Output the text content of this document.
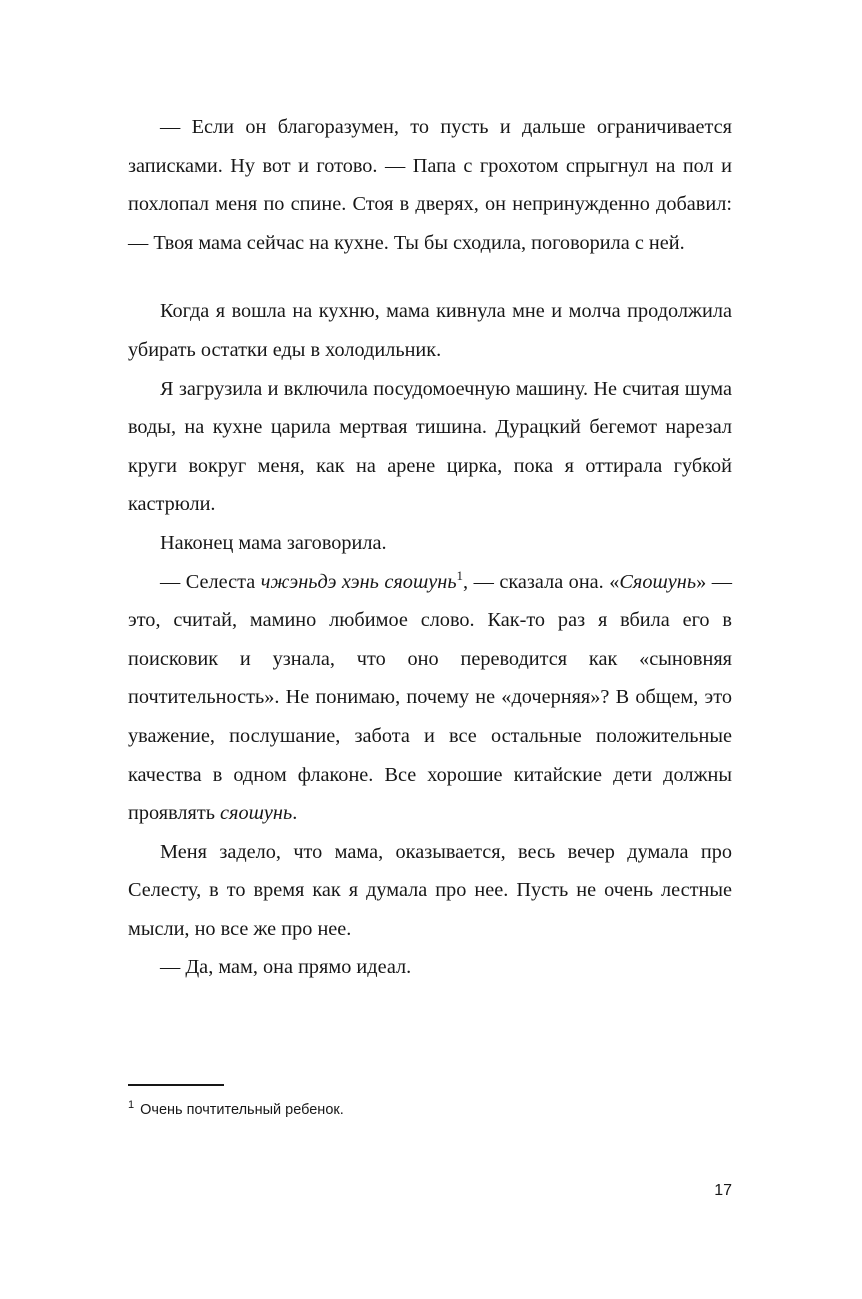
— Если он благоразумен, то пусть и дальше ограничивается записками. Ну вот и готово. — Папа с грохотом спрыгнул на пол и похлопал меня по спине. Стоя в дверях, он непринужденно добавил: — Твоя мама сейчас на кухне. Ты бы сходила, поговорила с ней.

Когда я вошла на кухню, мама кивнула мне и молча продолжила убирать остатки еды в холодильник.

Я загрузила и включила посудомоечную машину. Не считая шума воды, на кухне царила мертвая тишина. Дурацкий бегемот нарезал круги вокруг меня, как на арене цирка, пока я оттирала губкой кастрюли.

Наконец мама заговорила.

— Селеста чжэньдэ хэнь сяошунь$^1$, — сказала она. «Сяошунь» — это, считай, мамино любимое слово. Как-то раз я вбила его в поисковик и узнала, что оно переводится как «сыновняя почтительность». Не понимаю, почему не «дочерняя»? В общем, это уважение, послушание, забота и все остальные положительные качества в одном флаконе. Все хорошие китайские дети должны проявлять сяошунь.

Меня задело, что мама, оказывается, весь вечер думала про Селесту, в то время как я думала про нее. Пусть не очень лестные мысли, но все же про нее.

— Да, мам, она прямо идеал.

$^1$ Очень почтительный ребенок.
17
